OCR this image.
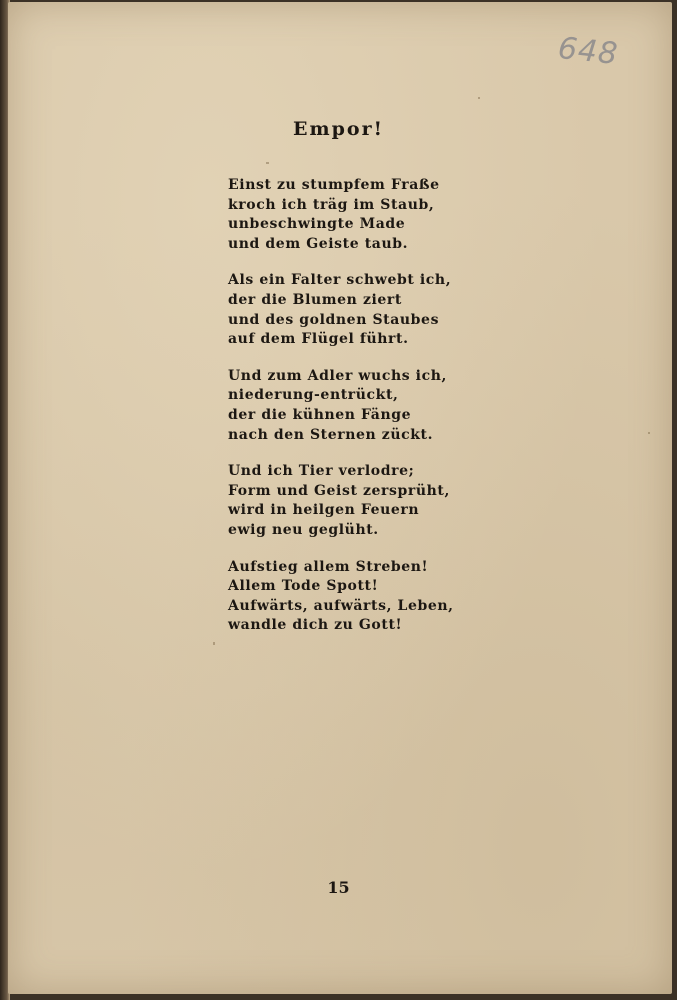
648
Empor!
Einst zu stumpfem Fraße
kroch ich träg im Staub,
unbeschwingte Made
und dem Geiste taub.
Als ein Falter schwebt ich,
der die Blumen ziert
und des goldnen Staubes
auf dem Flügel führt.
Und zum Adler wuchs ich,
niederung-entrückt,
der die kühnen Fänge
nach den Sternen zückt.
Und ich Tier verlodre;
Form und Geist zersprüht,
wird in heilgen Feuern
ewig neu geglüht.
Aufstieg allem Streben!
Allem Tode Spott!
Aufwärts, aufwärts, Leben,
wandle dich zu Gott!
15
